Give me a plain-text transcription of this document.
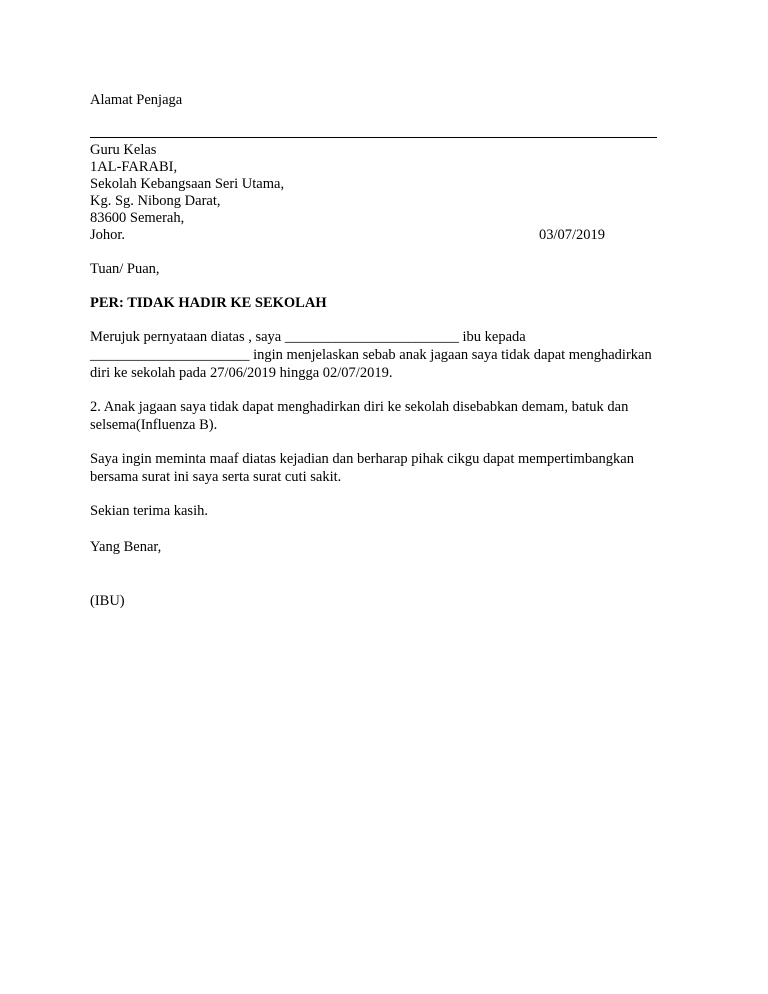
Alamat Penjaga
Guru Kelas
1AL-FARABI,
Sekolah Kebangsaan Seri Utama,
Kg. Sg. Nibong Darat,
83600 Semerah,
Johor.	03/07/2019
Tuan/ Puan,
PER: TIDAK HADIR KE SEKOLAH
Merujuk pernyataan diatas , saya ________________________ ibu kepada
______________________ ingin menjelaskan sebab anak jagaan saya tidak dapat menghadirkan
diri ke sekolah pada 27/06/2019 hingga 02/07/2019.
2. Anak jagaan saya tidak dapat menghadirkan diri ke sekolah disebabkan demam, batuk dan
selsema(Influenza B).
Saya ingin meminta maaf diatas kejadian dan berharap pihak cikgu dapat mempertimbangkan
bersama surat ini saya serta surat cuti sakit.
Sekian terima kasih.
Yang Benar,
(IBU)
